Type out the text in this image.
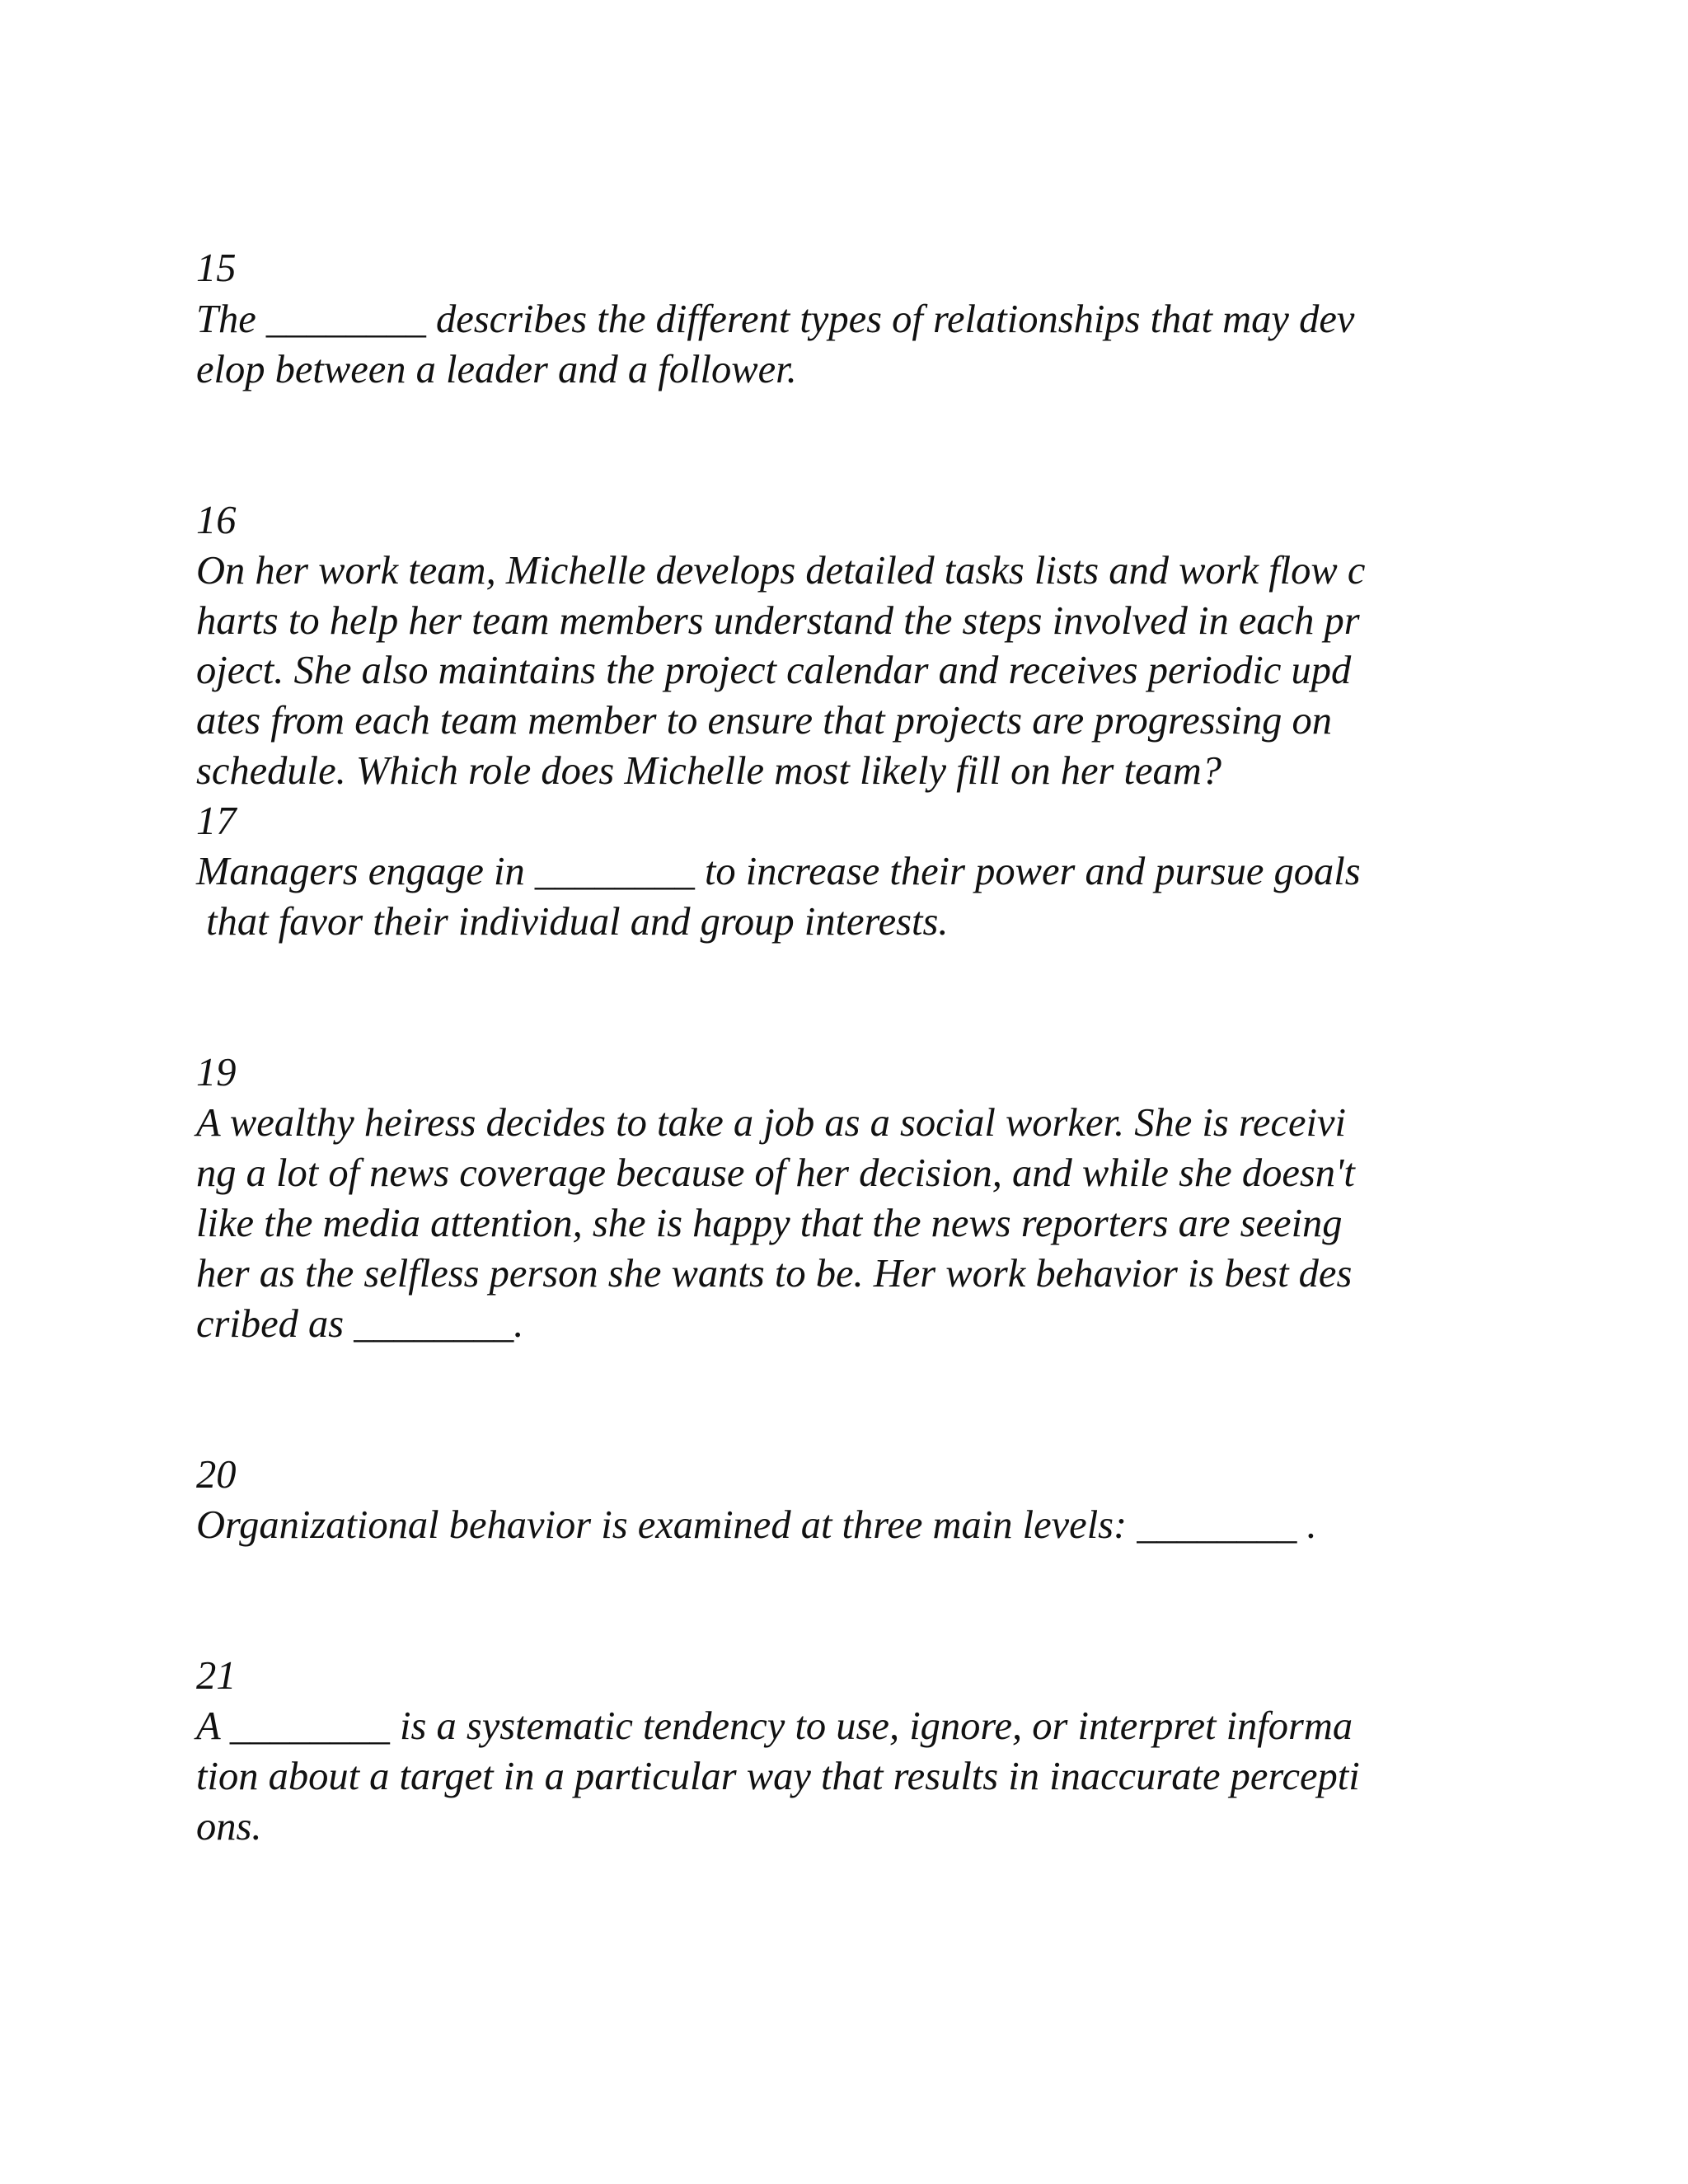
15

The ________ describes the different types of relationships that may dev

elop between a leader and a follower.

16

On her work team, Michelle develops detailed tasks lists and work flow c

harts to help her team members understand the steps involved in each pr

oject. She also maintains the project calendar and receives periodic upd

ates from each team member to ensure that projects are progressing on

schedule. Which role does Michelle most likely fill on her team?

17

Managers engage in ________ to increase their power and pursue goals

that favor their individual and group interests.

19

A wealthy heiress decides to take a job as a social worker. She is receivi

ng a lot of news coverage because of her decision, and while she doesn't

like the media attention, she is happy that the news reporters are seeing

her as the selfless person she wants to be. Her work behavior is best des

cribed as ________.

20

Organizational behavior is examined at three main levels: ________ .

21

A ________ is a systematic tendency to use, ignore, or interpret informa

tion about a target in a particular way that results in inaccurate percepti

ons.
